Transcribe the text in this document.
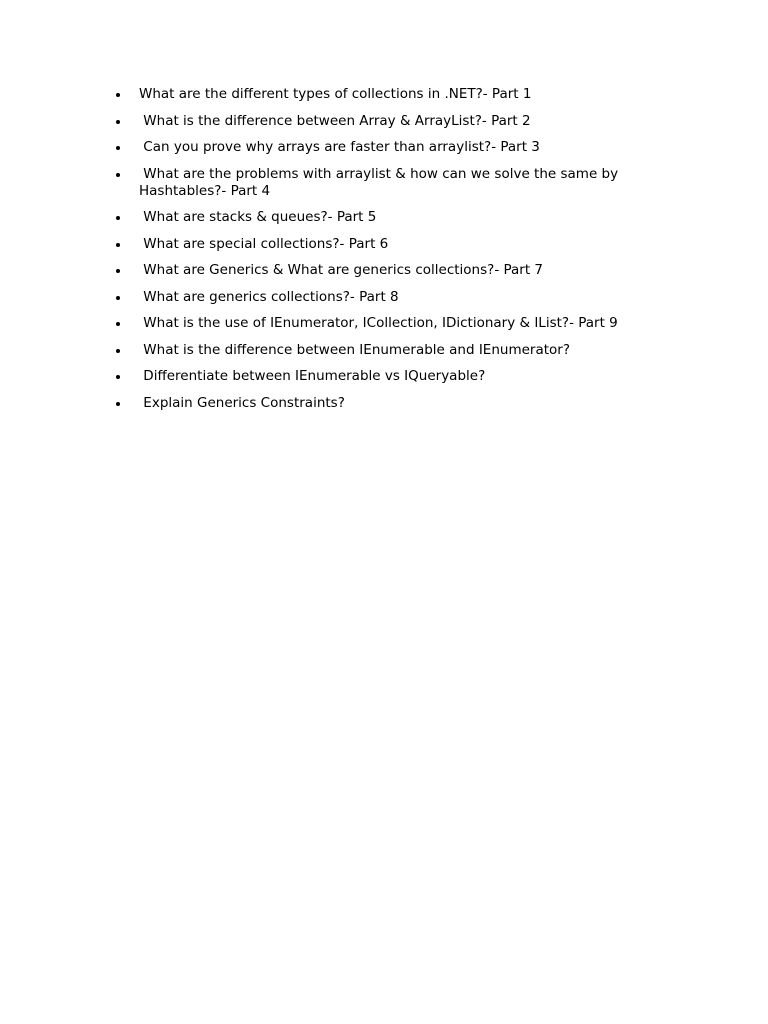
What are the different types of collections in .NET?- Part 1
What is the difference between Array & ArrayList?- Part 2
Can you prove why arrays are faster than arraylist?- Part 3
What are the problems with arraylist & how can we solve the same by Hashtables?- Part 4
What are stacks & queues?- Part 5
What are special collections?- Part 6
What are Generics & What are generics collections?- Part 7
What are generics collections?- Part 8
What is the use of IEnumerator, ICollection, IDictionary & IList?- Part 9
What is the difference between IEnumerable and IEnumerator?
Differentiate between IEnumerable vs IQueryable?
Explain Generics Constraints?
